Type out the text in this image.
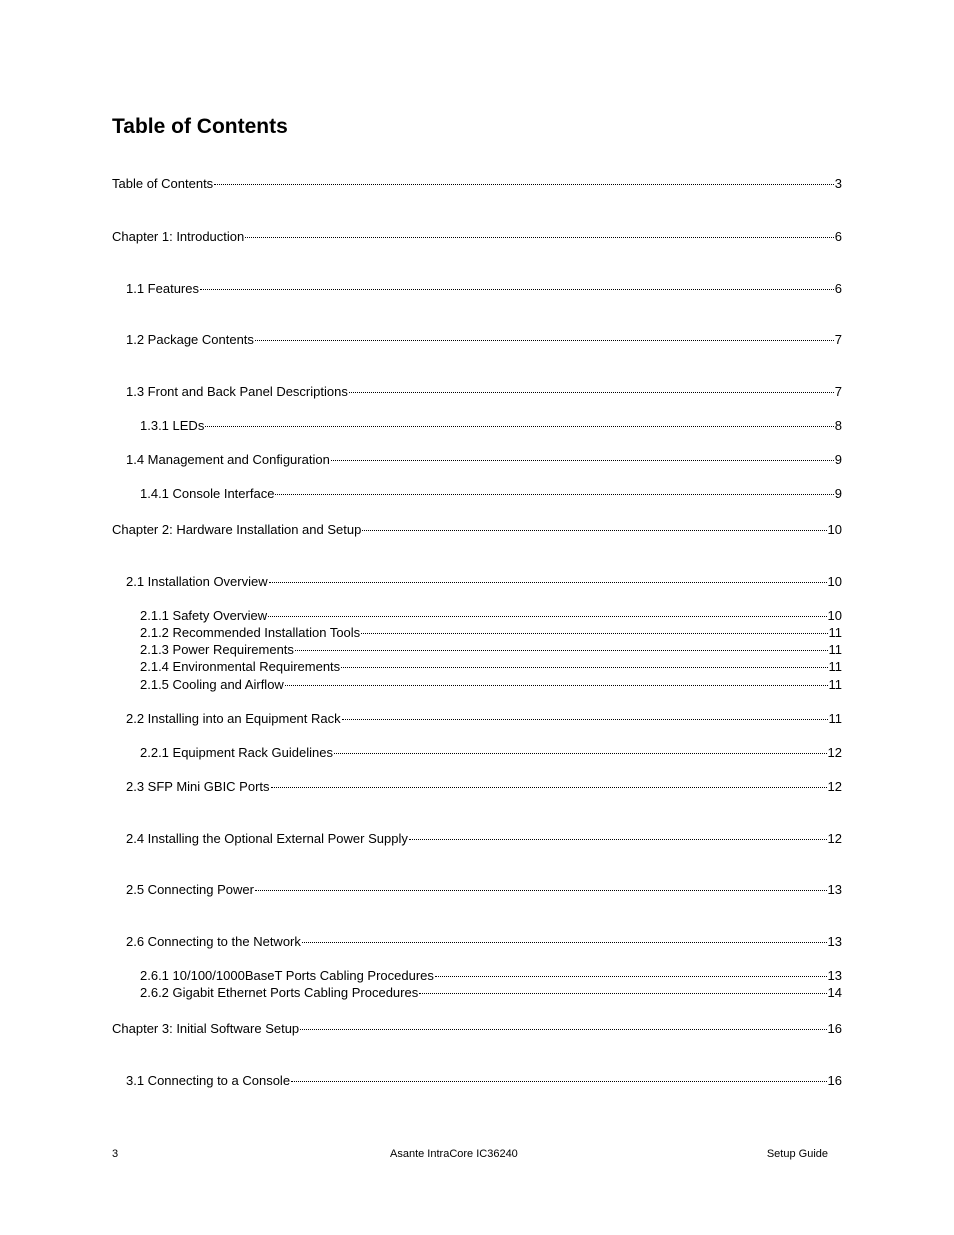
Table of Contents
Table of Contents	3
Chapter 1: Introduction	6
1.1 Features	6
1.2 Package Contents	7
1.3 Front and Back Panel Descriptions	7
1.3.1 LEDs	8
1.4 Management and Configuration	9
1.4.1 Console Interface	9
Chapter 2: Hardware Installation and Setup	10
2.1 Installation Overview	10
2.1.1 Safety Overview	10
2.1.2 Recommended Installation Tools	11
2.1.3 Power Requirements	11
2.1.4 Environmental Requirements	11
2.1.5 Cooling and Airflow	11
2.2 Installing into an Equipment Rack	11
2.2.1 Equipment Rack Guidelines	12
2.3 SFP Mini GBIC Ports	12
2.4 Installing the Optional External Power Supply	12
2.5 Connecting Power	13
2.6 Connecting to the Network	13
2.6.1 10/100/1000BaseT Ports Cabling Procedures	13
2.6.2 Gigabit Ethernet Ports Cabling Procedures	14
Chapter 3: Initial Software Setup	16
3.1 Connecting to a Console	16
3	Asante IntraCore IC36240	Setup Guide
